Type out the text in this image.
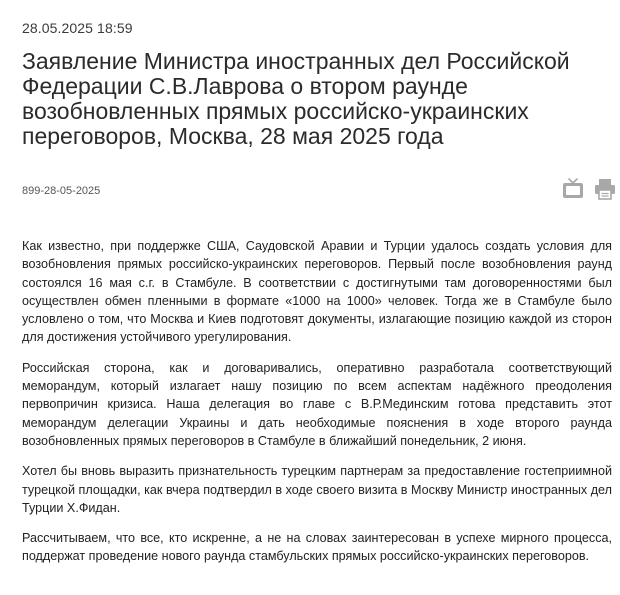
28.05.2025 18:59
Заявление Министра иностранных дел Российской Федерации С.В.Лаврова о втором раунде возобновленных прямых российско-украинских переговоров, Москва, 28 мая 2025 года
899-28-05-2025

Как известно, при поддержке США, Саудовской Аравии и Турции удалось создать условия для возобновления прямых российско-украинских переговоров. Первый после возобновления раунд состоялся 16 мая с.г. в Стамбуле. В соответствии с достигнутыми там договоренностями был осуществлен обмен пленными в формате «1000 на 1000» человек. Тогда же в Стамбуле было условлено о том, что Москва и Киев подготовят документы, излагающие позицию каждой из сторон для достижения устойчивого урегулирования.

Российская сторона, как и договаривались, оперативно разработала соответствующий меморандум, который излагает нашу позицию по всем аспектам надёжного преодоления первопричин кризиса. Наша делегация во главе с В.Р.Мединским готова представить этот меморандум делегации Украины и дать необходимые пояснения в ходе второго раунда возобновленных прямых переговоров в Стамбуле в ближайший понедельник, 2 июня.

Хотел бы вновь выразить признательность турецким партнерам за предоставление гостеприимной турецкой площадки, как вчера подтвердил в ходе своего визита в Москву Министр иностранных дел Турции Х.Фидан.

Рассчитываем, что все, кто искренне, а не на словах заинтересован в успехе мирного процесса, поддержат проведение нового раунда стамбульских прямых российско-украинских переговоров.
